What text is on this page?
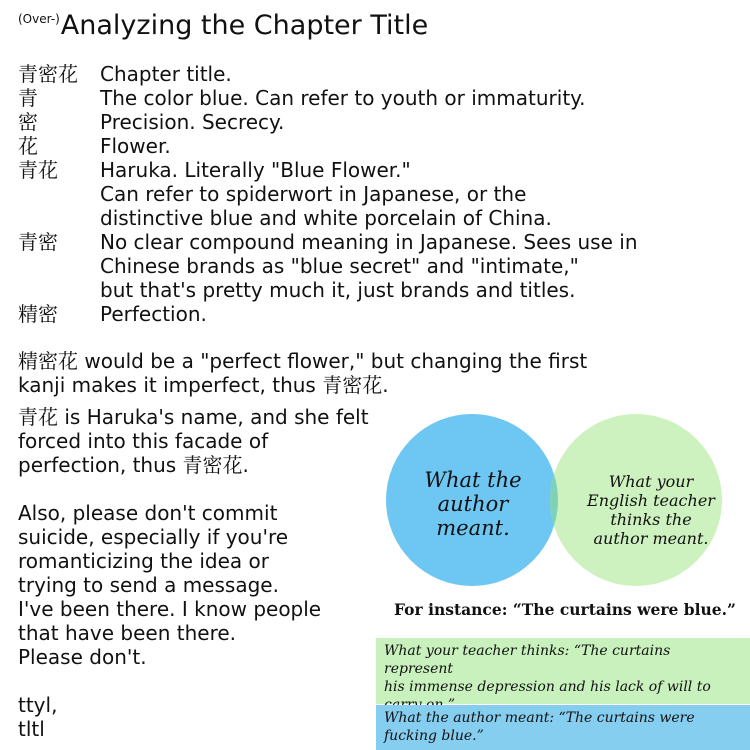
$^{(Over-)}$Analyzing the Chapter Title
青密花	Chapter title.
青	The color blue. Can refer to youth or immaturity.
密	Precision. Secrecy.
花	Flower.
青花	Haruka. Literally "Blue Flower."
Can refer to spiderwort in Japanese, or the
distinctive blue and white porcelain of China.
青密	No clear compound meaning in Japanese. Sees use in
Chinese brands as "blue secret" and "intimate,"
but that's pretty much it, just brands and titles.
精密	Perfection.
精密花 would be a "perfect flower," but changing the first
kanji makes it imperfect, thus 青密花.
青花 is Haruka's name, and she felt
forced into this facade of
perfection, thus 青密花.
Also, please don't commit
suicide, especially if you're
romanticizing the idea or
trying to send a message.
I've been there. I know people
that have been there.
Please don't.
ttyl,
tltl
What the
author
meant.
What your
English teacher
thinks the
author meant.
For instance: “The curtains were blue.”
What your teacher thinks: “The curtains represent
his immense depression and his lack of will to

What the author meant: “The curtains were
fucking blue.”
